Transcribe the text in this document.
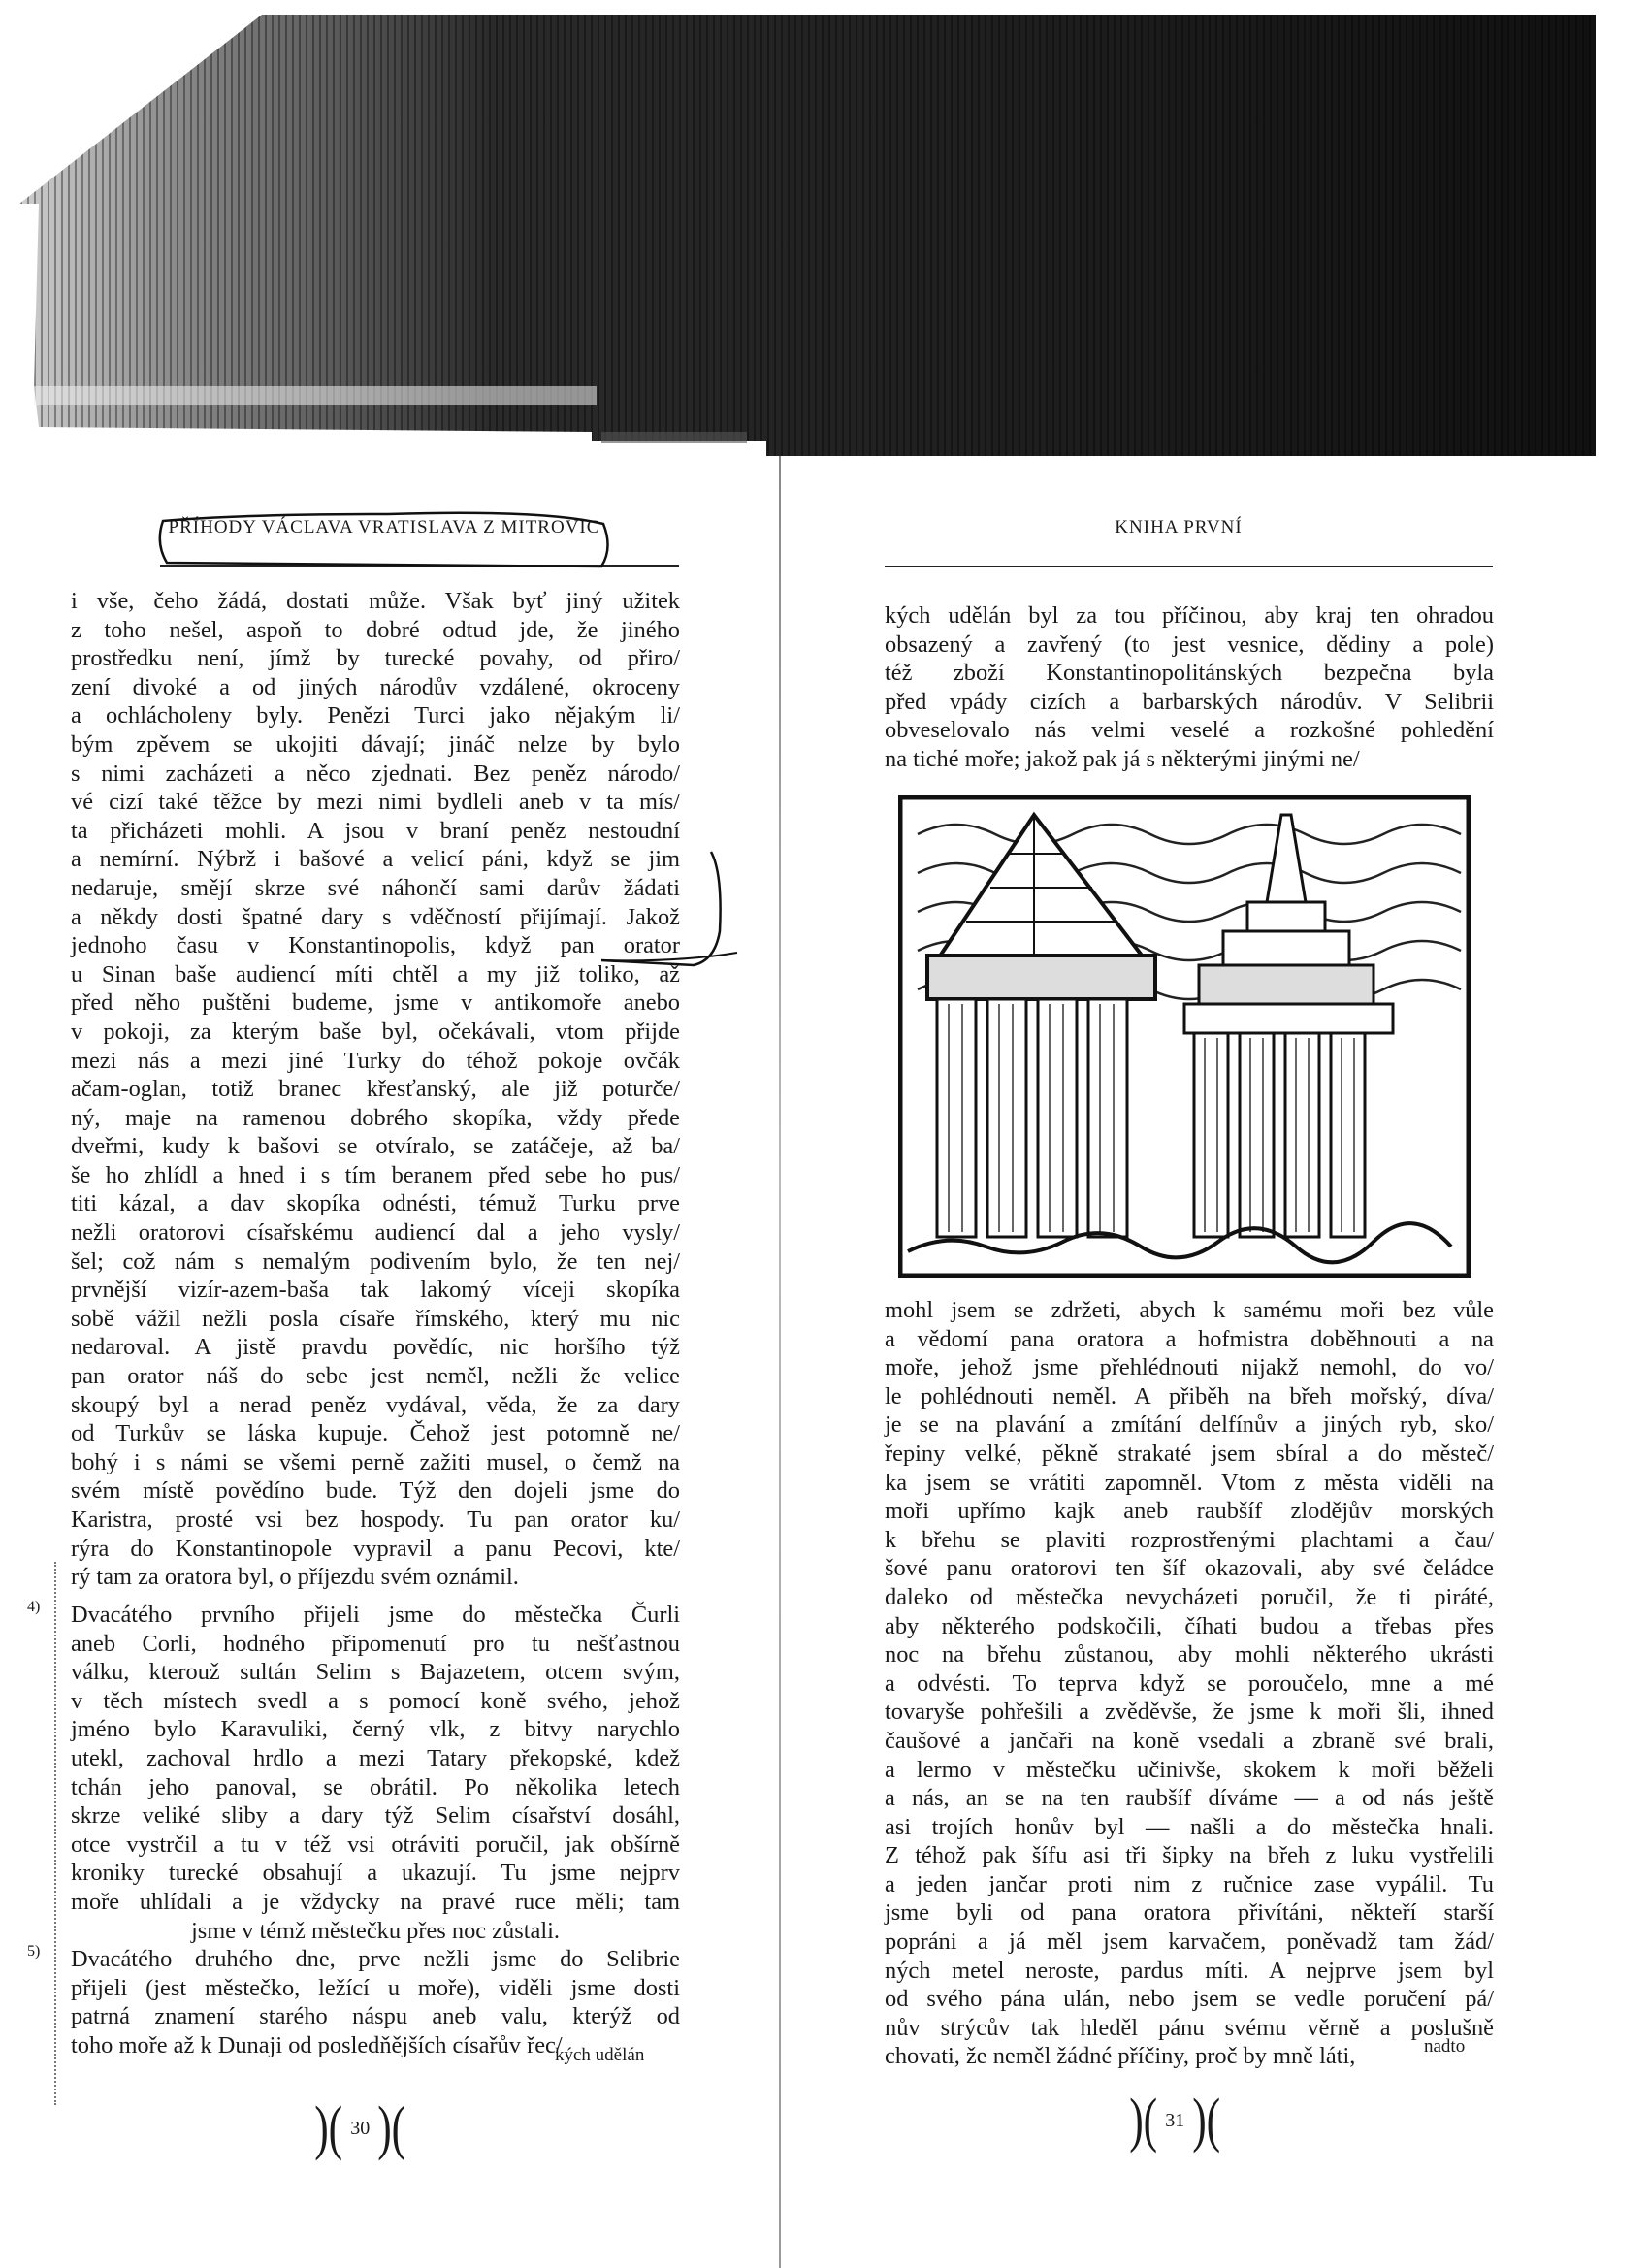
PŘÍHODY VÁCLAVA VRATISLAVA Z MITROVIC	KNIHA PRVNÍ
i vše, čeho žádá, dostati může. Však byť jiný užitek
z toho nešel, aspoň to dobré odtud jde, že jiného
prostředku není, jímž by turecké povahy, od přiro/
zení divoké a od jiných národův vzdálené, okroceny
a ochlácholeny byly. Penězi Turci jako nějakým li/
bým zpěvem se ukojiti dávají; jináč nelze by bylo
s nimi zacházeti a něco zjednati. Bez peněz národo/
vé cizí také těžce by mezi nimi bydleli aneb v ta mís/
ta přicházeti mohli. A jsou v braní peněz nestoudní
a nemírní. Nýbrž i bašové a velicí páni, když se jim
nedaruje, smějí skrze své náhončí sami darův žádati
a někdy dosti špatné dary s vděčností přijímají. Jakož
jednoho času v Konstantinopolis, když pan orator
u Sinan baše audiencí míti chtěl a my již toliko, až
před něho puštěni budeme, jsme v antikomoře anebo
v pokoji, za kterým baše byl, očekávali, vtom přijde
mezi nás a mezi jiné Turky do téhož pokoje ovčák
ačam-oglan, totiž branec křesťanský, ale již poturče/
ný, maje na ramenou dobrého skopíka, vždy přede
dveřmi, kudy k bašovi se otvíralo, se zatáčeje, až ba/
še ho zhlídl a hned i s tím beranem před sebe ho pus/
titi kázal, a dav skopíka odnésti, témuž Turku prve
nežli oratorovi císařskému audiencí dal a jeho vysly/
šel; což nám s nemalým podivením bylo, že ten nej/
prvnější vizír-azem-baša tak lakomý víceji skopíka
sobě vážil nežli posla císaře římského, který mu nic
nedaroval. A jistě pravdu povědíc, nic horšího týž
pan orator náš do sebe jest neměl, nežli že velice
skoupý byl a nerad peněz vydával, věda, že za dary
od Turkův se láska kupuje. Čehož jest potomně ne/
bohý i s námi se všemi perně zažiti musel, o čemž na
svém místě povědíno bude. Týž den dojeli jsme do
Karistra, prosté vsi bez hospody. Tu pan orator ku/
rýra do Konstantinopole vypravil a panu Pecovi, kte/
rý tam za oratora byl, o příjezdu svém oznámil.
Dvacátého prvního přijeli jsme do městečka Čurli
aneb Corli, hodného připomenutí pro tu nešťastnou
válku, kterouž sultán Selim s Bajazetem, otcem svým,
v těch místech svedl a s pomocí koně svého, jehož
jméno bylo Karavuliki, černý vlk, z bitvy narychlo
utekl, zachoval hrdlo a mezi Tatary překopské, kdež
tchán jeho panoval, se obrátil. Po několika letech
skrze veliké sliby a dary týž Selim císařství dosáhl,
otce vystrčil a tu v též vsi otráviti poručil, jak obšírně
kroniky turecké obsahují a ukazují. Tu jsme nejprv
moře uhlídali a je vždycky na pravé ruce měli; tam
jsme v témž městečku přes noc zůstali.
Dvacátého druhého dne, prve nežli jsme do Selibrie
přijeli (jest městečko, ležící u moře), viděli jsme dosti
patrná znamení starého náspu aneb valu, kterýž od
toho moře až k Dunaji od posledňějších císařův řec/
kých udělán
4)
5)
)( 30 )(
kých udělán byl za tou příčinou, aby kraj ten ohradou
obsazený a zavřený (to jest vesnice, dědiny a pole)
též zboží Konstantinopolitánských bezpečna byla
před vpády cizích a barbarských národův. V Selibrii
obveselovalo nás velmi veselé a rozkošné pohledění
na tiché moře; jakož pak já s některými jinými ne/
mohl jsem se zdržeti, abych k samému moři bez vůle
a vědomí pana oratora a hofmistra doběhnouti a na
moře, jehož jsme přehlédnouti nijakž nemohl, do vo/
le pohlédnouti neměl. A přiběh na břeh mořský, díva/
je se na plavání a zmítání delfínův a jiných ryb, sko/
řepiny velké, pěkně strakaté jsem sbíral a do městeč/
ka jsem se vrátiti zapomněl. Vtom z města viděli na
moři upřímo kajk aneb raubšíf zlodějův morských
k břehu se plaviti rozprostřenými plachtami a čau/
šové panu oratorovi ten šíf okazovali, aby své čeládce
daleko od městečka nevycházeti poručil, že ti piráté,
aby některého podskočili, číhati budou a třebas přes
noc na břehu zůstanou, aby mohli některého ukrásti
a odvésti. To teprva když se poroučelo, mne a mé
tovaryše pohřešili a zvěděvše, že jsme k moři šli, ihned
čaušové a jančaři na koně vsedali a zbraně své brali,
a lermo v městečku učinivše, skokem k moři běželi
a nás, an se na ten raubšíf díváme — a od nás ještě
asi trojích honův byl — našli a do městečka hnali.
Z téhož pak šífu asi tři šipky na břeh z luku vystřelili
a jeden jančar proti nim z ručnice zase vypálil. Tu
jsme byli od pana oratora přivítáni, někteří starší
popráni a já měl jsem karvačem, poněvadž tam žád/
ných metel neroste, pardus míti. A nejprve jsem byl
od svého pána ulán, nebo jsem se vedle poručení pá/
nův strýcův tak hleděl pánu svému věrně a poslušně
chovati, že neměl žádné příčiny, proč by mně láti,	nadto
)( 31 )(
